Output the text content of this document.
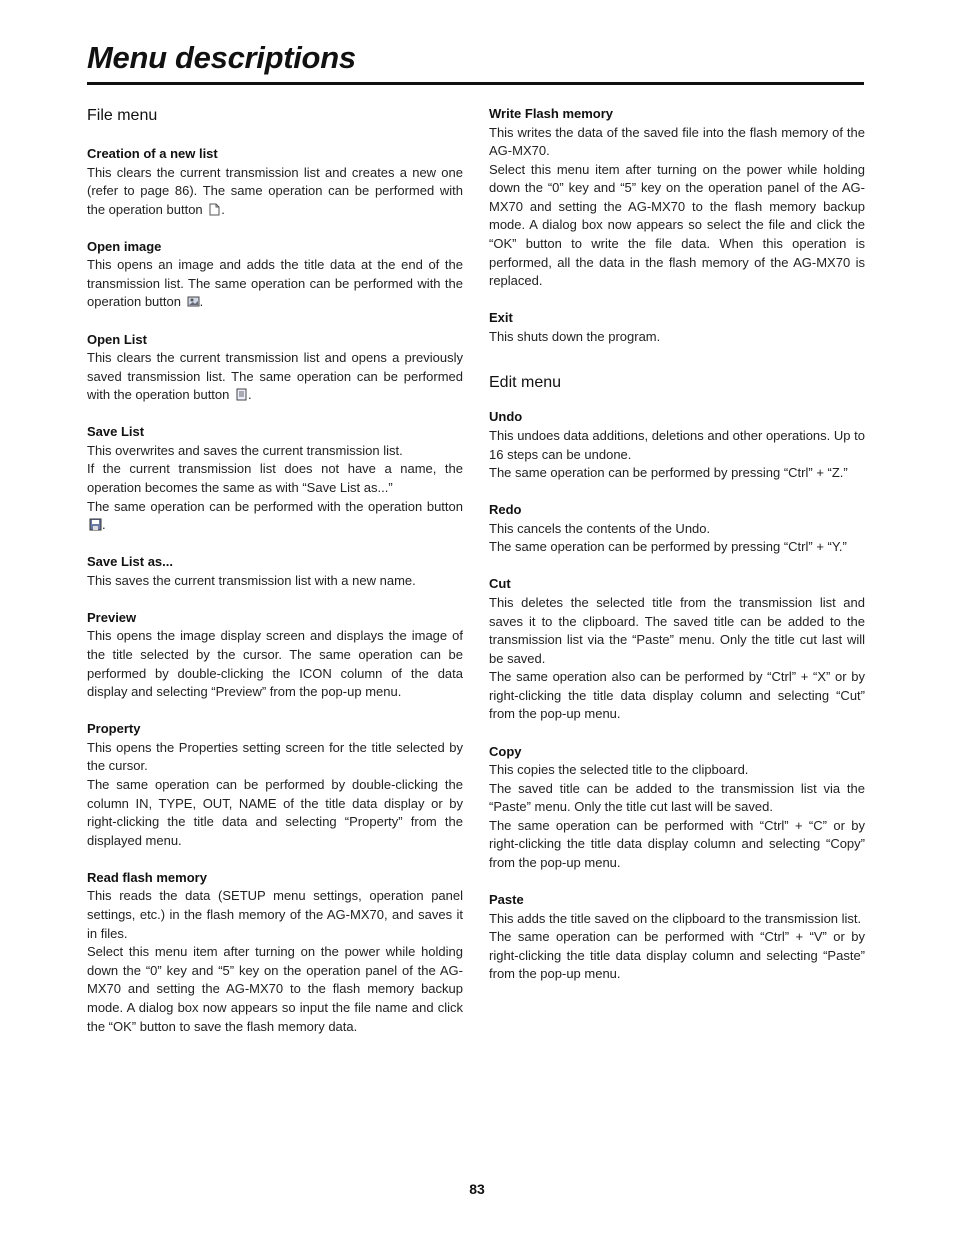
Menu descriptions
File menu

Creation of a new list

This clears the current transmission list and creates a new one (refer to page 86). The same operation can be performed with the operation button .

Open image

This opens an image and adds the title data at the end of the transmission list. The same operation can be performed with the operation button .

Open List

This clears the current transmission list and opens a previously saved transmission list. The same operation can be performed with the operation button .

Save List

This overwrites and saves the current transmission list.

If the current transmission list does not have a name, the operation becomes the same as with “Save List as...”

The same operation can be performed with the operation button .

Save List as...

This saves the current transmission list with a new name.

Preview

This opens the image display screen and displays the image of the title selected by the cursor. The same operation can be performed by double-clicking the ICON column of the data display and selecting “Preview” from the pop-up menu.

Property

This opens the Properties setting screen for the title selected by the cursor.

The same operation can be performed by double-clicking the column IN, TYPE, OUT, NAME of the title data display or by right-clicking the title data and selecting “Property” from the displayed menu.

Read flash memory

This reads the data (SETUP menu settings, operation panel settings, etc.) in the flash memory of the AG-MX70, and saves it in files.

Select this menu item after turning on the power while holding down the “0” key and “5” key on the operation panel of the AG-MX70 and setting the AG-MX70 to the flash memory backup mode. A dialog box now appears so input the file name and click the “OK” button to save the flash memory data.

Write Flash memory

This writes the data of the saved file into the flash memory of the AG-MX70.

Select this menu item after turning on the power while holding down the “0” key and “5” key on the operation panel of the AG-MX70 and setting the AG-MX70 to the flash memory backup mode. A dialog box now appears so select the file and click the “OK” button to write the file data. When this operation is performed, all the data in the flash memory of the AG-MX70 is replaced.

Exit

This shuts down the program.

Edit menu

Undo

This undoes data additions, deletions and other operations. Up to 16 steps can be undone.

The same operation can be performed by pressing “Ctrl” + “Z.”

Redo

This cancels the contents of the Undo.

The same operation can be performed by pressing “Ctrl” + “Y.”

Cut

This deletes the selected title from the transmission list and saves it to the clipboard. The saved title can be added to the transmission list via the “Paste” menu. Only the title cut last will be saved.

The same operation also can be performed by “Ctrl” + “X” or by right-clicking the title data display column and selecting “Cut” from the pop-up menu.

Copy

This copies the selected title to the clipboard.

The saved title can be added to the transmission list via the “Paste” menu. Only the title cut last will be saved.

The same operation can be performed with “Ctrl” + “C” or by right-clicking the title data display column and selecting “Copy” from the pop-up menu.

Paste

This adds the title saved on the clipboard to the transmission list.

The same operation can be performed with “Ctrl” + “V” or by right-clicking the title data display column and selecting “Paste” from the pop-up menu.

83
